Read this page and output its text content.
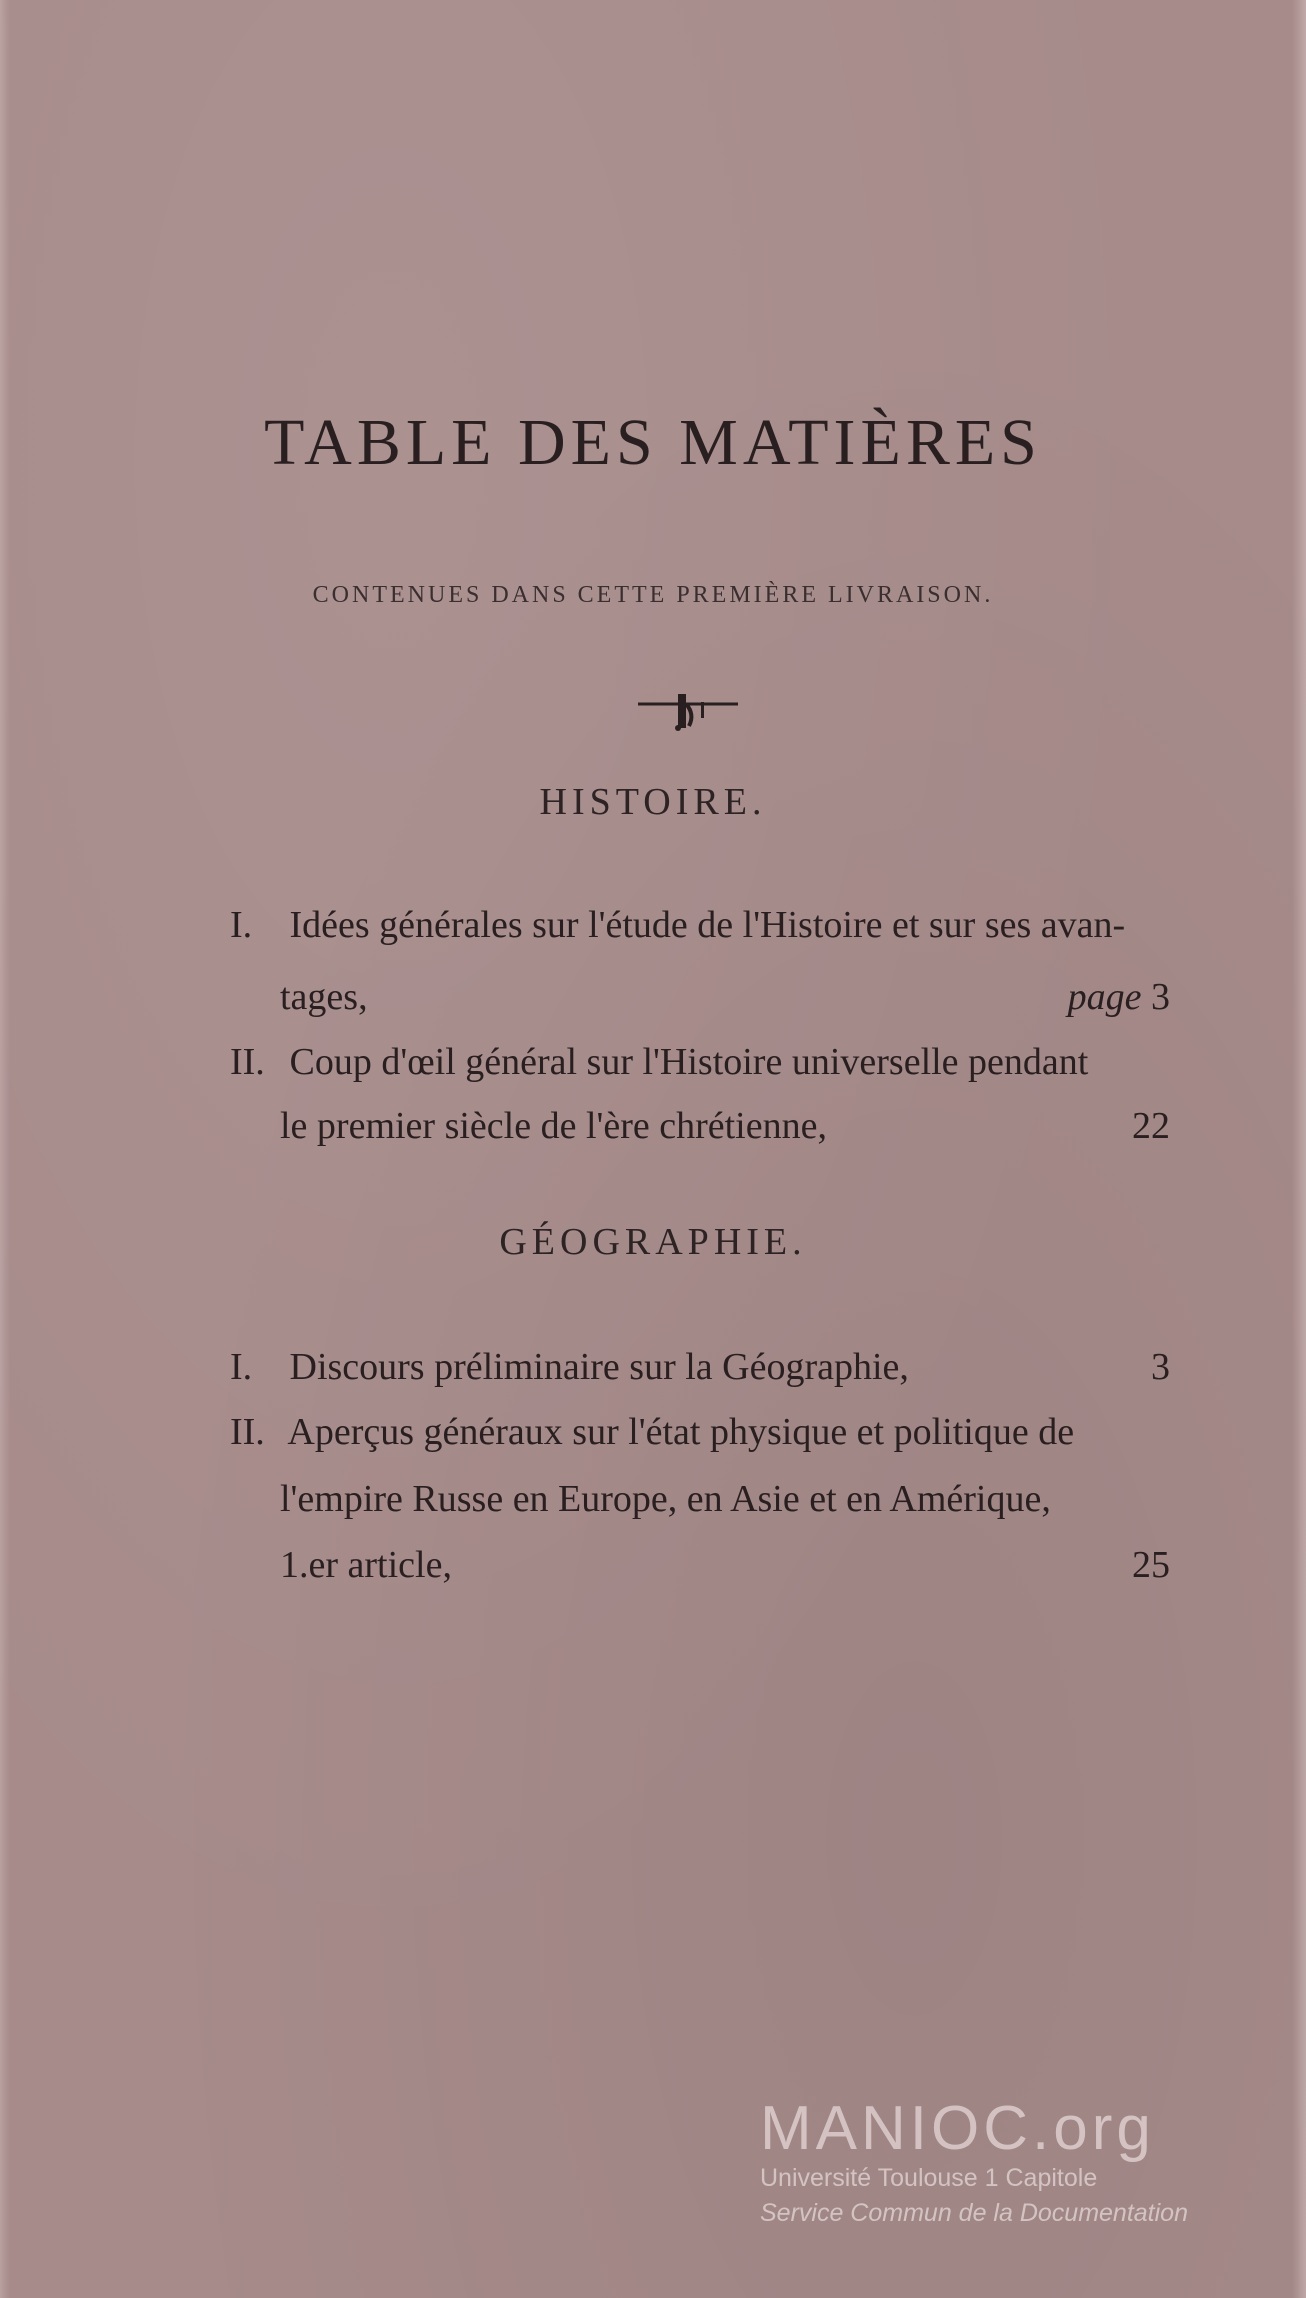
TABLE DES MATIÈRES
CONTENUES DANS CETTE PREMIÈRE LIVRAISON.
HISTOIRE.
I. Idées générales sur l'étude de l'Histoire et sur ses avan-
tages,	page 3
II. Coup d'œil général sur l'Histoire universelle pendant
le premier siècle de l'ère chrétienne,	22
GÉOGRAPHIE.
I. Discours préliminaire sur la Géographie,	3
II. Aperçus généraux sur l'état physique et politique de
l'empire Russe en Europe, en Asie et en Amérique,
1.er article,	25
MANIOC.org
Université Toulouse 1 Capitole
Service Commun de la Documentation
